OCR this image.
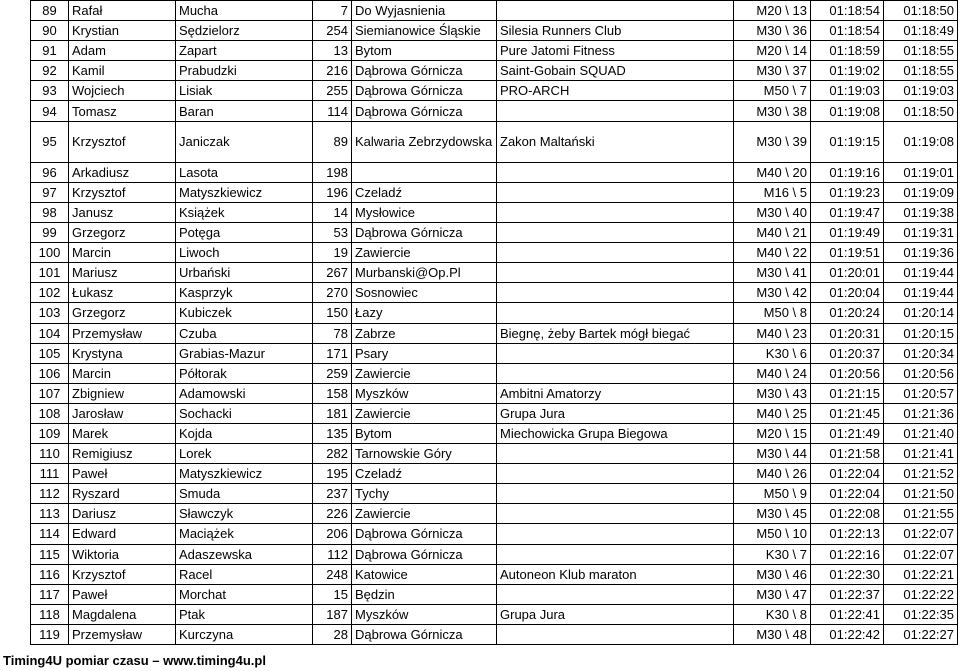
89	Rafał	Mucha	7	Do Wyjasnienia		M20 \ 13	01:18:54	01:18:50
90	Krystian	Sędzielorz	254	Siemianowice Śląskie	Silesia Runners Club	M30 \ 36	01:18:54	01:18:49
91	Adam	Zapart	13	Bytom	Pure Jatomi Fitness	M20 \ 14	01:18:59	01:18:55
92	Kamil	Prabudzki	216	Dąbrowa Górnicza	Saint-Gobain SQUAD	M30 \ 37	01:19:02	01:18:55
93	Wojciech	Lisiak	255	Dąbrowa Górnicza	PRO-ARCH	M50 \ 7	01:19:03	01:19:03
94	Tomasz	Baran	114	Dąbrowa Górnicza		M30 \ 38	01:19:08	01:18:50
95	Krzysztof	Janiczak	89	Kalwaria Zebrzydowska	Zakon Maltański	M30 \ 39	01:19:15	01:19:08
96	Arkadiusz	Lasota	198			M40 \ 20	01:19:16	01:19:01
97	Krzysztof	Matyszkiewicz	196	Czeladź		M16 \ 5	01:19:23	01:19:09
98	Janusz	Książek	14	Mysłowice		M30 \ 40	01:19:47	01:19:38
99	Grzegorz	Potęga	53	Dąbrowa Górnicza		M40 \ 21	01:19:49	01:19:31
100	Marcin	Liwoch	19	Zawiercie		M40 \ 22	01:19:51	01:19:36
101	Mariusz	Urbański	267	Murbanski@Op.Pl		M30 \ 41	01:20:01	01:19:44
102	Łukasz	Kasprzyk	270	Sosnowiec		M30 \ 42	01:20:04	01:19:44
103	Grzegorz	Kubiczek	150	Łazy		M50 \ 8	01:20:24	01:20:14
104	Przemysław	Czuba	78	Zabrze	Biegnę, żeby Bartek mógł biegać	M40 \ 23	01:20:31	01:20:15
105	Krystyna	Grabias-Mazur	171	Psary		K30 \ 6	01:20:37	01:20:34
106	Marcin	Półtorak	259	Zawiercie		M40 \ 24	01:20:56	01:20:56
107	Zbigniew	Adamowski	158	Myszków	Ambitni Amatorzy	M30 \ 43	01:21:15	01:20:57
108	Jarosław	Sochacki	181	Zawiercie	Grupa Jura	M40 \ 25	01:21:45	01:21:36
109	Marek	Kojda	135	Bytom	Miechowicka Grupa Biegowa	M20 \ 15	01:21:49	01:21:40
110	Remigiusz	Lorek	282	Tarnowskie Góry		M30 \ 44	01:21:58	01:21:41
111	Paweł	Matyszkiewicz	195	Czeladź		M40 \ 26	01:22:04	01:21:52
112	Ryszard	Smuda	237	Tychy		M50 \ 9	01:22:04	01:21:50
113	Dariusz	Sławczyk	226	Zawiercie		M30 \ 45	01:22:08	01:21:55
114	Edward	Maciążek	206	Dąbrowa Górnicza		M50 \ 10	01:22:13	01:22:07
115	Wiktoria	Adaszewska	112	Dąbrowa Górnicza		K30 \ 7	01:22:16	01:22:07
116	Krzysztof	Racel	248	Katowice	Autoneon Klub maraton	M30 \ 46	01:22:30	01:22:21
117	Paweł	Morchat	15	Będzin		M30 \ 47	01:22:37	01:22:22
118	Magdalena	Ptak	187	Myszków	Grupa Jura	K30 \ 8	01:22:41	01:22:35
119	Przemysław	Kurczyna	28	Dąbrowa Górnicza		M30 \ 48	01:22:42	01:22:27
Timing4U pomiar czasu – www.timing4u.pl
